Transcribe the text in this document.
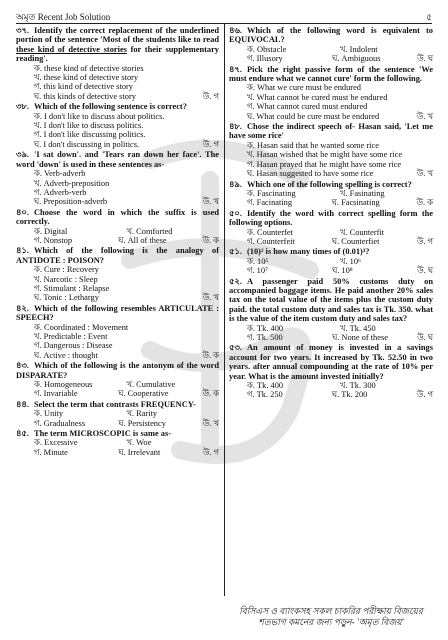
অমৃত Recent Job Solution	৫
৩৭. Identify the correct replacement of the underlined portion of the sentence 'Most of the students like to read these kind of detective stories for their supplementary reading'.
ক. these kind of detective stories
খ. these kind of detective story
গ. this kind of detective story
ঘ. this kinds of detective story	উ. গ
৩৮. Which of the following sentence is correct?
ক. I don't like to discuss about politics.
খ. I don't like to discuss politics.
গ. I don't like discussing politics.
ঘ. I don't discussing in politics.	উ. গ
৩৯. 'I sat down'. and 'Tears ran down her face'. The word 'down' is used in these sentences as-
ক. Verb-adverb
খ. Adverb-preposition
গ. Adverb-verb
ঘ. Preposition-adverb	উ. খ
৪০. Choose the word in which the suffix is used correctly.
ক. Digital	খ. Comforted
গ. Nonstop	ঘ. All of these	উ. ক
৪১. Which of the following is the analogy of ANTIDOTE : POISON?
ক. Cure : Recovery
খ. Narcotic : Sleep
গ. Stimulant : Relapse
ঘ. Tonic : Lethargy	উ. খ
৪২. Which of the following resembles ARTICULATE : SPEECH?
ক. Coordinated : Movement
খ. Predictable : Event
গ. Dangerous : Disease
ঘ. Active : thought	উ. ক
৪৩. Which of the following is the antonym of the word DISPARATE?
ক. Homogeneous	খ. Cumulative
গ. Invariable	ঘ. Cooperative	উ. ক
৪৪. Select the term that contrasts FREQUENCY-
ক. Unity	খ. Rarity
গ. Gradualness	ঘ. Persistency	উ. খ
৪৫. The term MICROSCOPIC is same as-
ক. Excessive	খ. Woe
গ. Minute	ঘ. Irrelevant	উ. গ
৪৬. Which of the following word is equivalent to EQUIVOCAL?
ক. Obstacle	খ. Indolent
গ. Illusory	ঘ. Ambiguous	উ. ঘ
৪৭. Pick the right passive form of the sentence 'We must endure what we cannot cure' form the following.
ক. What we cure must be endured
খ. What cannot be cured must be endured
গ. What cannot cured must endured
ঘ. What could be cure must be endured	উ. খ
৪৮. Chose the indirect speech of- Hasan said, 'Let me have some rice'
ক. Hasan said that he wanted some rice
খ. Hasan wished that he might have some rice
গ. Hasan prayed that he might have some rice
ঘ. Hasan suggested to have some rice	উ. খ
৪৯. Which one of the following spelling is correct?
ক. Fascinating	খ. Fasinating
গ. Facinating	ঘ. Facsinating	উ. ক
৫০. Identify the word with correct spelling form the following options.
ক. Counterfet	খ. Counterfit
গ. Counterfeit	ঘ. Counterfiet	উ. গ
৫১. (10)² is how many times of (0.01)³?
ক. 10⁵	খ. 10⁶
গ. 10⁷	ঘ. 10⁸	উ. ঘ
৫২. A passenger paid 50% customs duty on accompanied baggage items. He paid another 20% sales tax on the total value of the items plus the custom duty paid. the total custom duty and sales tax is Tk. 350. what is the value of the item custom duty and sales tax?
ক. Tk. 400	খ. Tk. 450
গ. Tk. 500	ঘ. None of these	উ. ঘ
৫৩. An amount of money is invested in a savings account for two years. It increased by Tk. 52.50 in two years. after annual compounding at the rate of 10% per year. What is the amount invested initially?
ক. Tk. 400	খ. Tk. 300
গ. Tk. 250	ঘ. Tk. 200	উ. গ
বিসিএস ও ব্যাংকসহ সকল চাকরির পরীক্ষায় বিজয়ের
শতভাগ কমনের জন্য পড়ুন- 'অমৃত বিজয়'
